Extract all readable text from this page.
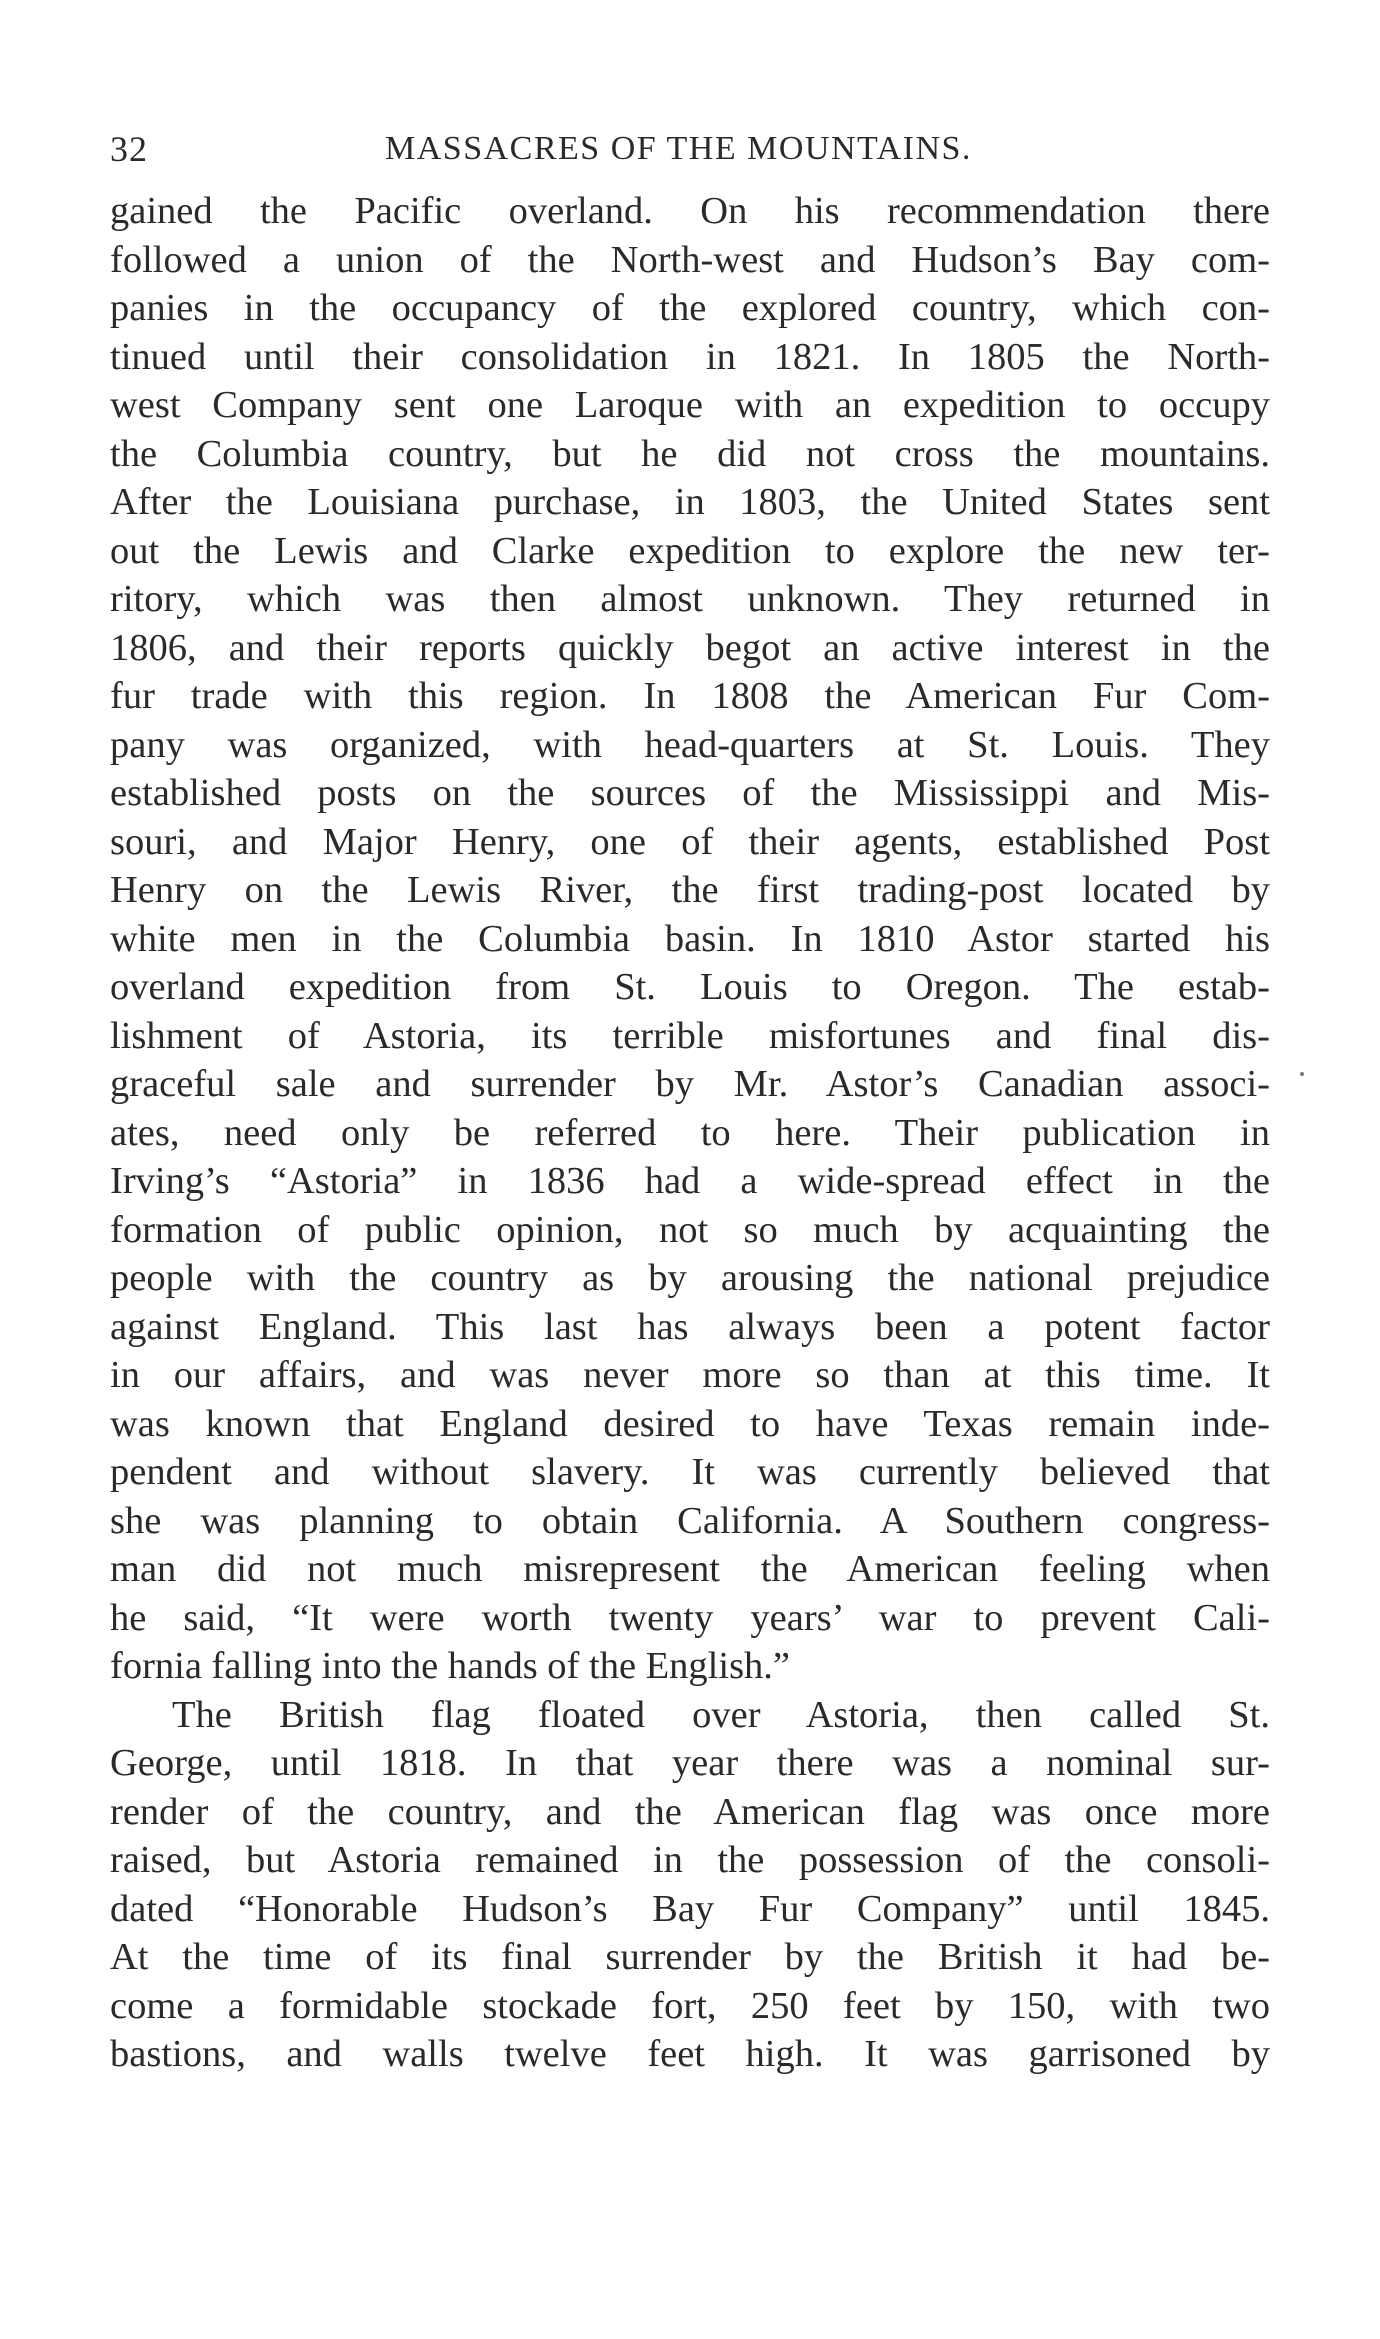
32	MASSACRES OF THE MOUNTAINS.
gained the Pacific overland. On his recommendation there
followed a union of the North-west and Hudson’s Bay com-
panies in the occupancy of the explored country, which con-
tinued until their consolidation in 1821. In 1805 the North-
west Company sent one Laroque with an expedition to occupy
the Columbia country, but he did not cross the mountains.
After the Louisiana purchase, in 1803, the United States sent
out the Lewis and Clarke expedition to explore the new ter-
ritory, which was then almost unknown. They returned in
1806, and their reports quickly begot an active interest in the
fur trade with this region. In 1808 the American Fur Com-
pany was organized, with head-quarters at St. Louis. They
established posts on the sources of the Mississippi and Mis-
souri, and Major Henry, one of their agents, established Post
Henry on the Lewis River, the first trading-post located by
white men in the Columbia basin. In 1810 Astor started his
overland expedition from St. Louis to Oregon. The estab-
lishment of Astoria, its terrible misfortunes and final dis-
graceful sale and surrender by Mr. Astor’s Canadian associ-
ates, need only be referred to here. Their publication in
Irving’s “Astoria” in 1836 had a wide-spread effect in the
formation of public opinion, not so much by acquainting the
people with the country as by arousing the national prejudice
against England. This last has always been a potent factor
in our affairs, and was never more so than at this time. It
was known that England desired to have Texas remain inde-
pendent and without slavery. It was currently believed that
she was planning to obtain California. A Southern congress-
man did not much misrepresent the American feeling when
he said, “It were worth twenty years’ war to prevent Cali-
fornia falling into the hands of the English.”
The British flag floated over Astoria, then called St.
George, until 1818. In that year there was a nominal sur-
render of the country, and the American flag was once more
raised, but Astoria remained in the possession of the consoli-
dated “Honorable Hudson’s Bay Fur Company” until 1845.
At the time of its final surrender by the British it had be-
come a formidable stockade fort, 250 feet by 150, with two
bastions, and walls twelve feet high. It was garrisoned by
